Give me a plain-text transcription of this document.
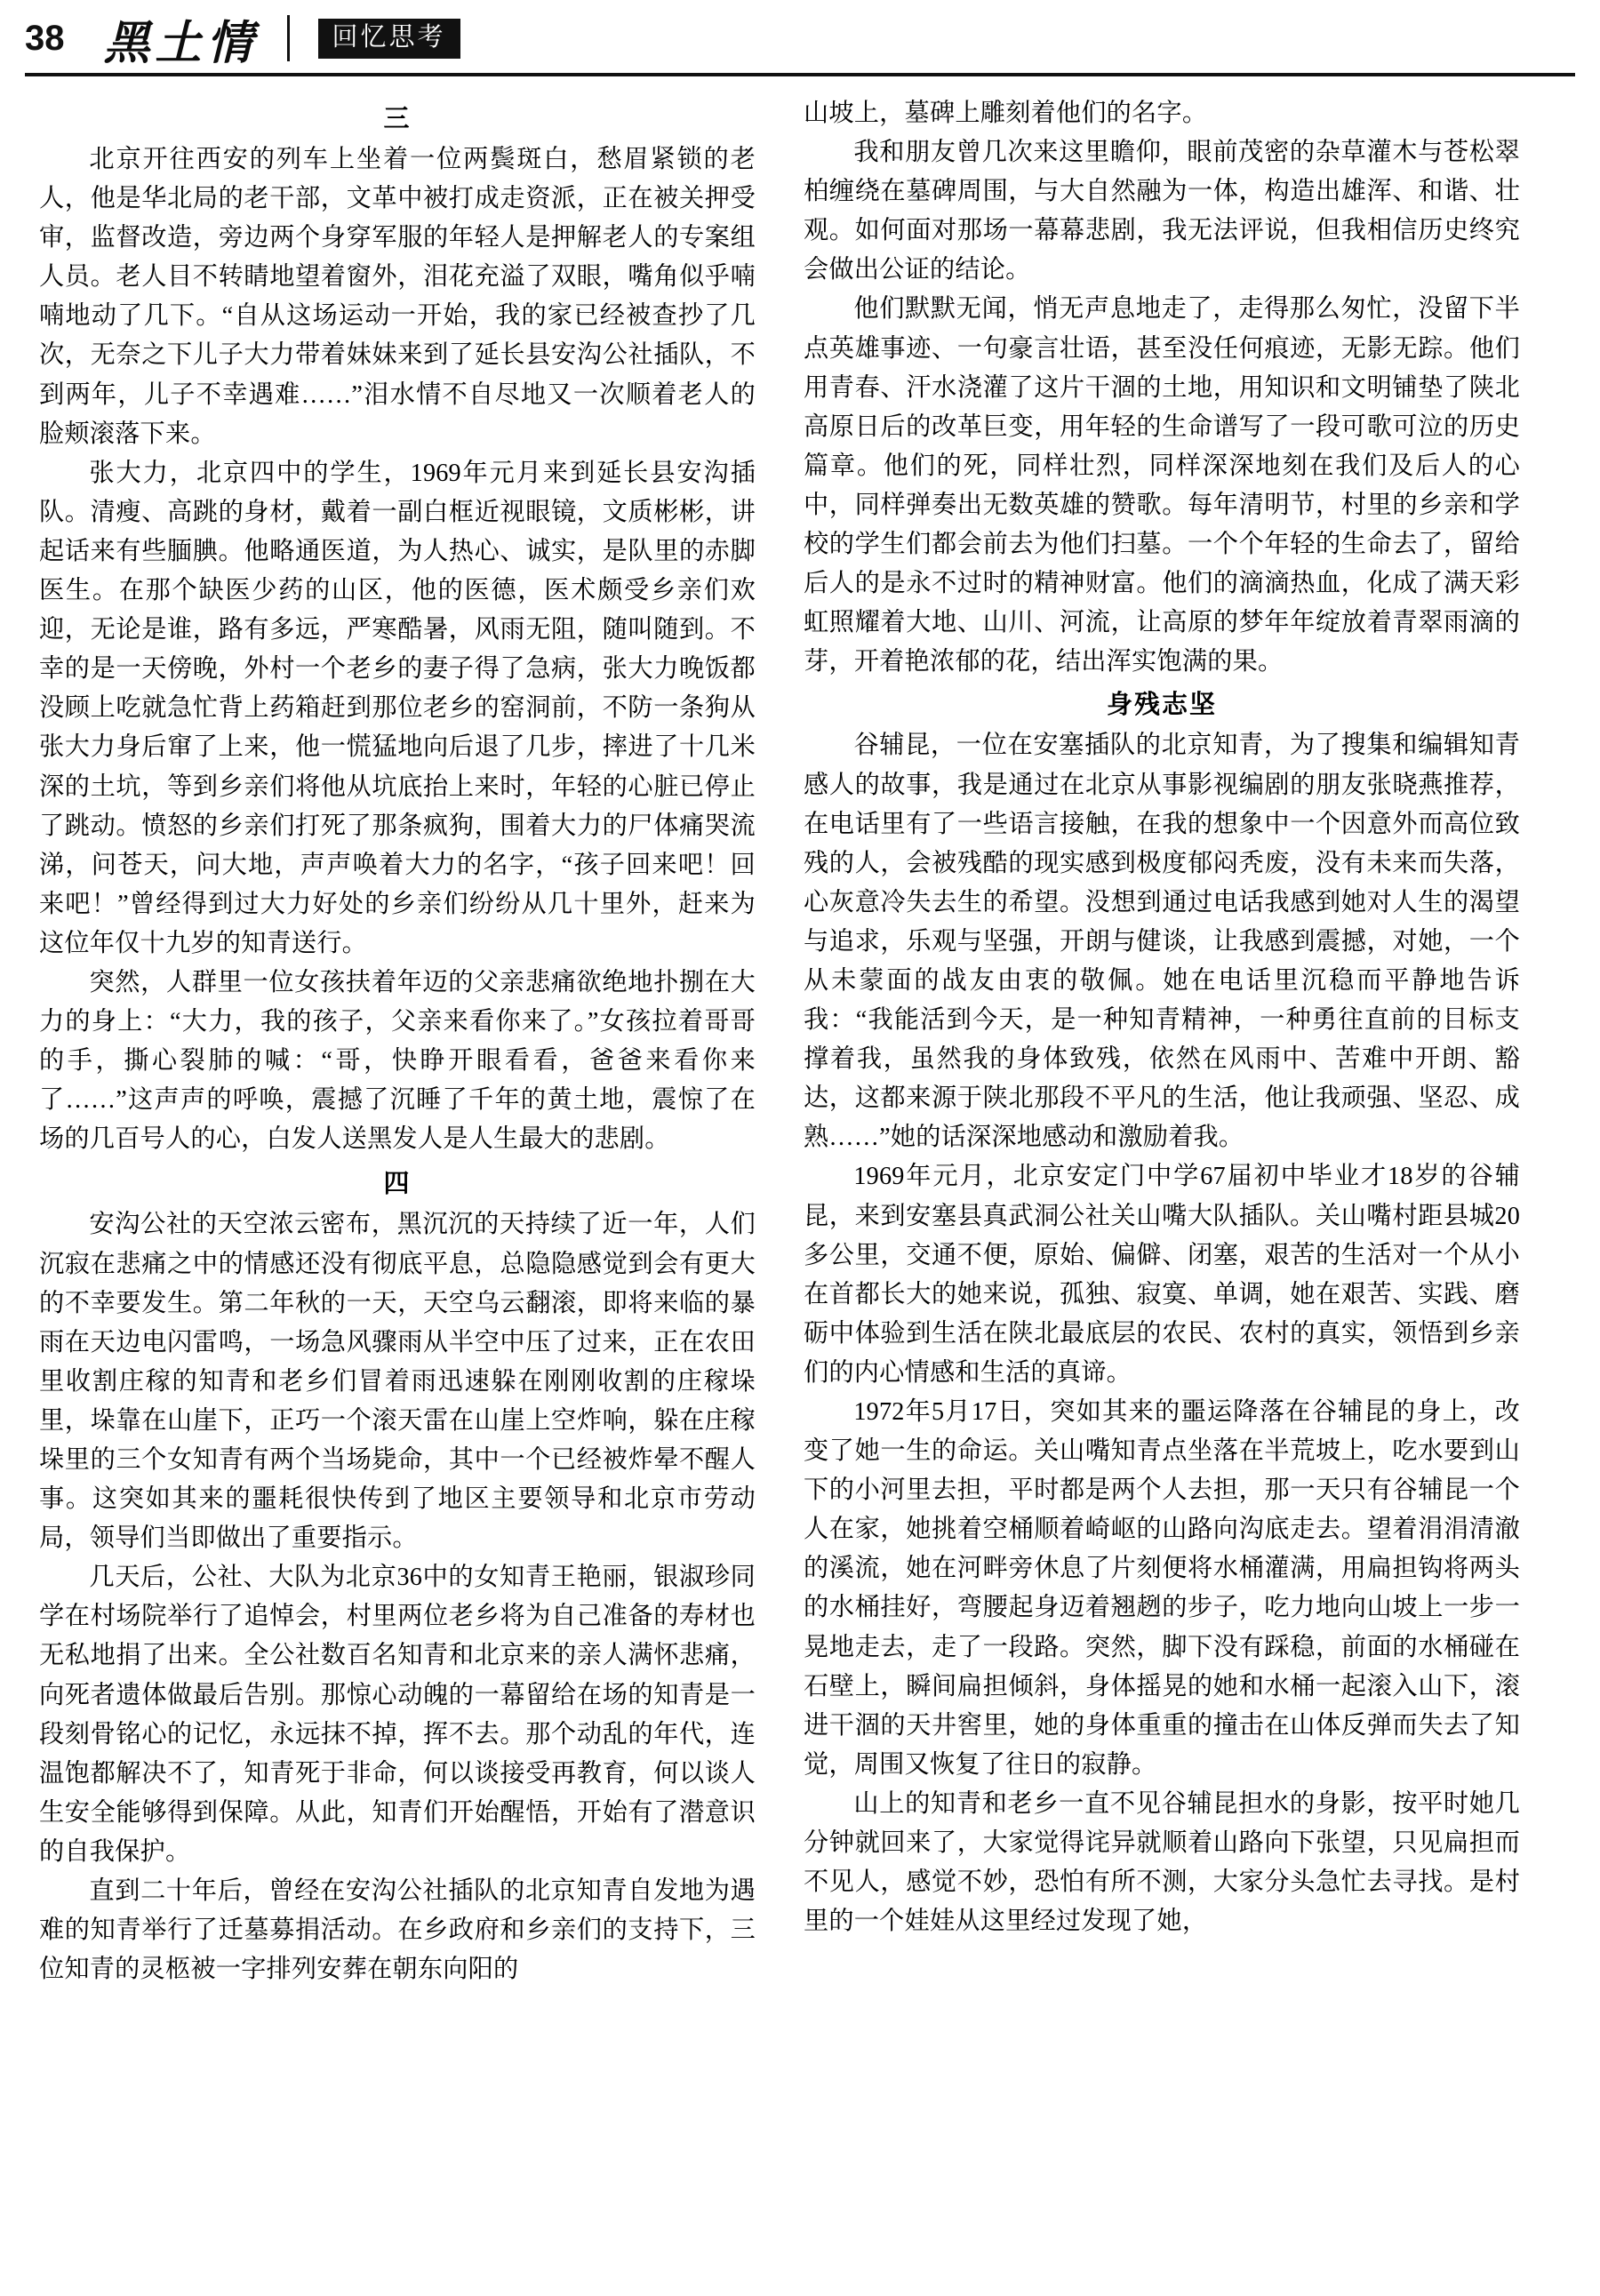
38 黑土情	回忆思考
三

北京开往西安的列车上坐着一位两鬓斑白，愁眉紧锁的老人，他是华北局的老干部，文革中被打成走资派，正在被关押受审，监督改造，旁边两个身穿军服的年轻人是押解老人的专案组人员。老人目不转睛地望着窗外，泪花充溢了双眼，嘴角似乎喃喃地动了几下。“自从这场运动一开始，我的家已经被查抄了几次，无奈之下儿子大力带着妹妹来到了延长县安沟公社插队，不到两年，儿子不幸遇难……”泪水情不自尽地又一次顺着老人的脸颊滚落下来。

张大力，北京四中的学生，1969年元月来到延长县安沟插队。清瘦、高跳的身材，戴着一副白框近视眼镜，文质彬彬，讲起话来有些腼腆。他略通医道，为人热心、诚实，是队里的赤脚医生。在那个缺医少药的山区，他的医德，医术颇受乡亲们欢迎，无论是谁，路有多远，严寒酷暑，风雨无阻，随叫随到。不幸的是一天傍晚，外村一个老乡的妻子得了急病，张大力晚饭都没顾上吃就急忙背上药箱赶到那位老乡的窑洞前，不防一条狗从张大力身后窜了上来，他一慌猛地向后退了几步，摔进了十几米深的土坑，等到乡亲们将他从坑底抬上来时，年轻的心脏已停止了跳动。愤怒的乡亲们打死了那条疯狗，围着大力的尸体痛哭流涕，问苍天，问大地，声声唤着大力的名字，“孩子回来吧！回来吧！”曾经得到过大力好处的乡亲们纷纷从几十里外，赶来为这位年仅十九岁的知青送行。

突然，人群里一位女孩扶着年迈的父亲悲痛欲绝地扑捌在大力的身上：“大力，我的孩子，父亲来看你来了。”女孩拉着哥哥的手，撕心裂肺的喊：“哥，快睁开眼看看，爸爸来看你来了……”这声声的呼唤，震撼了沉睡了千年的黄土地，震惊了在场的几百号人的心，白发人送黑发人是人生最大的悲剧。

四

安沟公社的天空浓云密布，黑沉沉的天持续了近一年，人们沉寂在悲痛之中的情感还没有彻底平息，总隐隐感觉到会有更大的不幸要发生。第二年秋的一天，天空乌云翻滚，即将来临的暴雨在天边电闪雷鸣，一场急风骤雨从半空中压了过来，正在农田里收割庄稼的知青和老乡们冒着雨迅速躲在刚刚收割的庄稼垛里，垛靠在山崖下，正巧一个滚天雷在山崖上空炸响，躲在庄稼垛里的三个女知青有两个当场毙命，其中一个已经被炸晕不醒人事。这突如其来的噩耗很快传到了地区主要领导和北京市劳动局，领导们当即做出了重要指示。

几天后，公社、大队为北京36中的女知青王艳丽，银淑珍同学在村场院举行了追悼会，村里两位老乡将为自己准备的寿材也无私地捐了出来。全公社数百名知青和北京来的亲人满怀悲痛，向死者遗体做最后告别。那惊心动魄的一幕留给在场的知青是一段刻骨铭心的记忆，永远抹不掉，挥不去。那个动乱的年代，连温饱都解决不了，知青死于非命，何以谈接受再教育，何以谈人生安全能够得到保障。从此，知青们开始醒悟，开始有了潜意识的自我保护。

直到二十年后，曾经在安沟公社插队的北京知青自发地为遇难的知青举行了迁墓募捐活动。在乡政府和乡亲们的支持下，三位知青的灵柩被一字排列安葬在朝东向阳的

山坡上，墓碑上雕刻着他们的名字。

我和朋友曾几次来这里瞻仰，眼前茂密的杂草灌木与苍松翠柏缠绕在墓碑周围，与大自然融为一体，构造出雄浑、和谐、壮观。如何面对那场一幕幕悲剧，我无法评说，但我相信历史终究会做出公证的结论。

他们默默无闻，悄无声息地走了，走得那么匆忙，没留下半点英雄事迹、一句豪言壮语，甚至没任何痕迹，无影无踪。他们用青春、汗水浇灌了这片干涸的土地，用知识和文明铺垫了陕北高原日后的改革巨变，用年轻的生命谱写了一段可歌可泣的历史篇章。他们的死，同样壮烈，同样深深地刻在我们及后人的心中，同样弹奏出无数英雄的赞歌。每年清明节，村里的乡亲和学校的学生们都会前去为他们扫墓。一个个年轻的生命去了，留给后人的是永不过时的精神财富。他们的滴滴热血，化成了满天彩虹照耀着大地、山川、河流，让高原的梦年年绽放着青翠雨滴的芽，开着艳浓郁的花，结出浑实饱满的果。

身残志坚

谷辅昆，一位在安塞插队的北京知青，为了搜集和编辑知青感人的故事，我是通过在北京从事影视编剧的朋友张晓燕推荐，在电话里有了一些语言接触，在我的想象中一个因意外而高位致残的人，会被残酷的现实感到极度郁闷秃废，没有未来而失落，心灰意冷失去生的希望。没想到通过电话我感到她对人生的渴望与追求，乐观与坚强，开朗与健谈，让我感到震撼，对她，一个从未蒙面的战友由衷的敬佩。她在电话里沉稳而平静地告诉我：“我能活到今天，是一种知青精神，一种勇往直前的目标支撑着我，虽然我的身体致残，依然在风雨中、苦难中开朗、豁达，这都来源于陕北那段不平凡的生活，他让我顽强、坚忍、成熟……”她的话深深地感动和激励着我。

1969年元月，北京安定门中学67届初中毕业才18岁的谷辅昆，来到安塞县真武洞公社关山嘴大队插队。关山嘴村距县城20多公里，交通不便，原始、偏僻、闭塞，艰苦的生活对一个从小在首都长大的她来说，孤独、寂寞、单调，她在艰苦、实践、磨砺中体验到生活在陕北最底层的农民、农村的真实，领悟到乡亲们的内心情感和生活的真谛。

1972年5月17日，突如其来的噩运降落在谷辅昆的身上，改变了她一生的命运。关山嘴知青点坐落在半荒坡上，吃水要到山下的小河里去担，平时都是两个人去担，那一天只有谷辅昆一个人在家，她挑着空桶顺着崎岖的山路向沟底走去。望着涓涓清澈的溪流，她在河畔旁休息了片刻便将水桶灌满，用扁担钩将两头的水桶挂好，弯腰起身迈着翘趔的步子，吃力地向山坡上一步一晃地走去，走了一段路。突然，脚下没有踩稳，前面的水桶碰在石壁上，瞬间扁担倾斜，身体摇晃的她和水桶一起滚入山下，滚进干涸的天井窖里，她的身体重重的撞击在山体反弹而失去了知觉，周围又恢复了往日的寂静。

山上的知青和老乡一直不见谷辅昆担水的身影，按平时她几分钟就回来了，大家觉得诧异就顺着山路向下张望，只见扁担而不见人，感觉不妙，恐怕有所不测，大家分头急忙去寻找。是村里的一个娃娃从这里经过发现了她，
